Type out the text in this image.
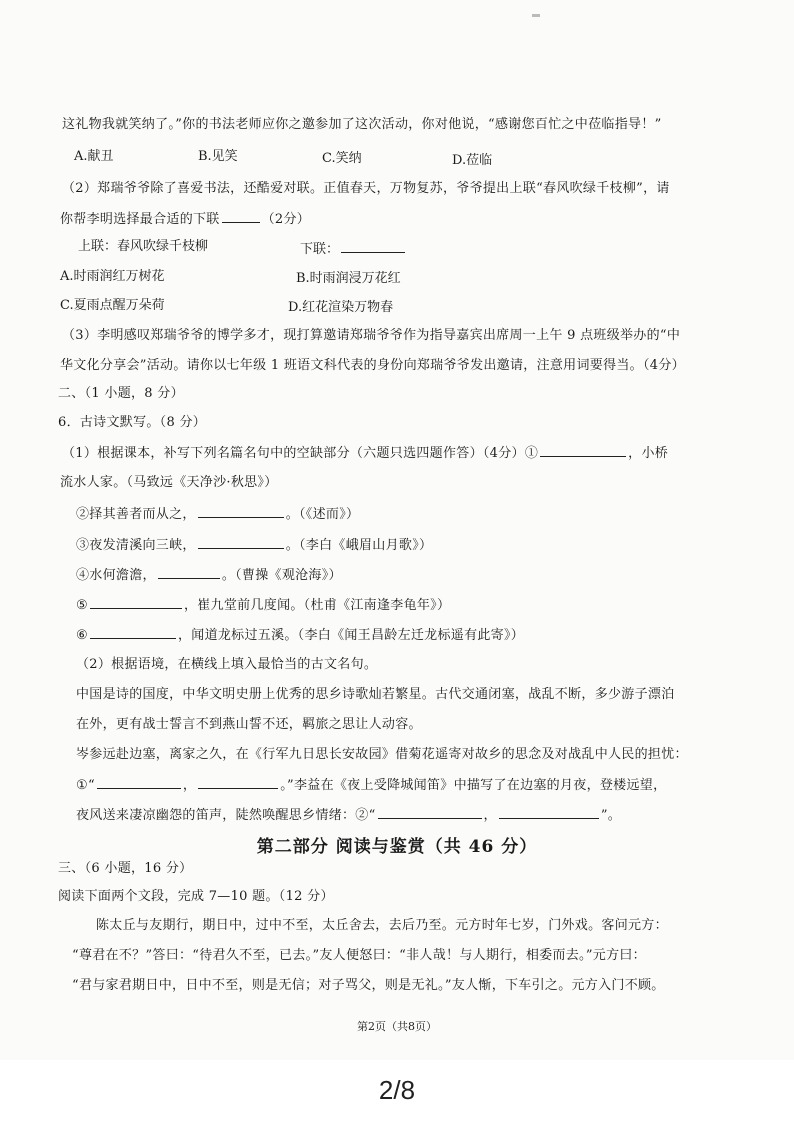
这礼物我就笑纳了。”你的书法老师应你之邀参加了这次活动，你对他说，“感谢您百忙之中莅临指导！”
A.献丑	B.见笑	C.笑纳	D.莅临
（2）郑瑞爷爷除了喜爱书法，还酷爱对联。正值春天，万物复苏，爷爷提出上联“春风吹绿千枝柳”，请
你帮李明选择最合适的下联	（2分）
上联：春风吹绿千枝柳	下联：
A.时雨润红万树花	B.时雨润浸万花红
C.夏雨点醒万朵荷	D.红花渲染万物春
（3）李明感叹郑瑞爷爷的博学多才，现打算邀请郑瑞爷爷作为指导嘉宾出席周一上午 9 点班级举办的“中
华文化分享会”活动。请你以七年级 1 班语文科代表的身份向郑瑞爷爷发出邀请，注意用词要得当。（4分）
二、（1 小题，8 分）
6．古诗文默写。（8 分）
（1）根据课本，补写下列名篇名句中的空缺部分（六题只选四题作答）（4分）①	，小桥
流水人家。（马致远《天净沙·秋思》）
②择其善者而从之，	。（《述而》）
③夜发清溪向三峡，	。（李白《峨眉山月歌》）
④水何澹澹，	。（曹操《观沧海》）
⑤	，崔九堂前几度闻。（杜甫《江南逢李龟年》）
⑥	，闻道龙标过五溪。（李白《闻王昌龄左迁龙标遥有此寄》）
（2）根据语境，在横线上填入最恰当的古文名句。
中国是诗的国度，中华文明史册上优秀的思乡诗歌灿若繁星。古代交通闭塞，战乱不断，多少游子漂泊
在外，更有战士誓言不到燕山誓不还，羁旅之思让人动容。
岑参远赴边塞，离家之久，在《行军九日思长安故园》借菊花遥寄对故乡的思念及对战乱中人民的担忧：
①“	，	。”李益在《夜上受降城闻笛》中描写了在边塞的月夜，登楼远望，
夜风送来凄凉幽怨的笛声，陡然唤醒思乡情绪：②“	，	”。
第二部分 阅读与鉴赏（共 46 分）
三、（6 小题，16 分）
阅读下面两个文段，完成 7—10 题。（12 分）
陈太丘与友期行，期日中，过中不至，太丘舍去，去后乃至。元方时年七岁，门外戏。客问元方：
“尊君在不？”答曰：“待君久不至，已去。”友人便怒曰：“非人哉！与人期行，相委而去。”元方曰：
“君与家君期日中，日中不至，则是无信；对子骂父，则是无礼。”友人惭，下车引之。元方入门不顾。
第2页（共8页）
2/8
